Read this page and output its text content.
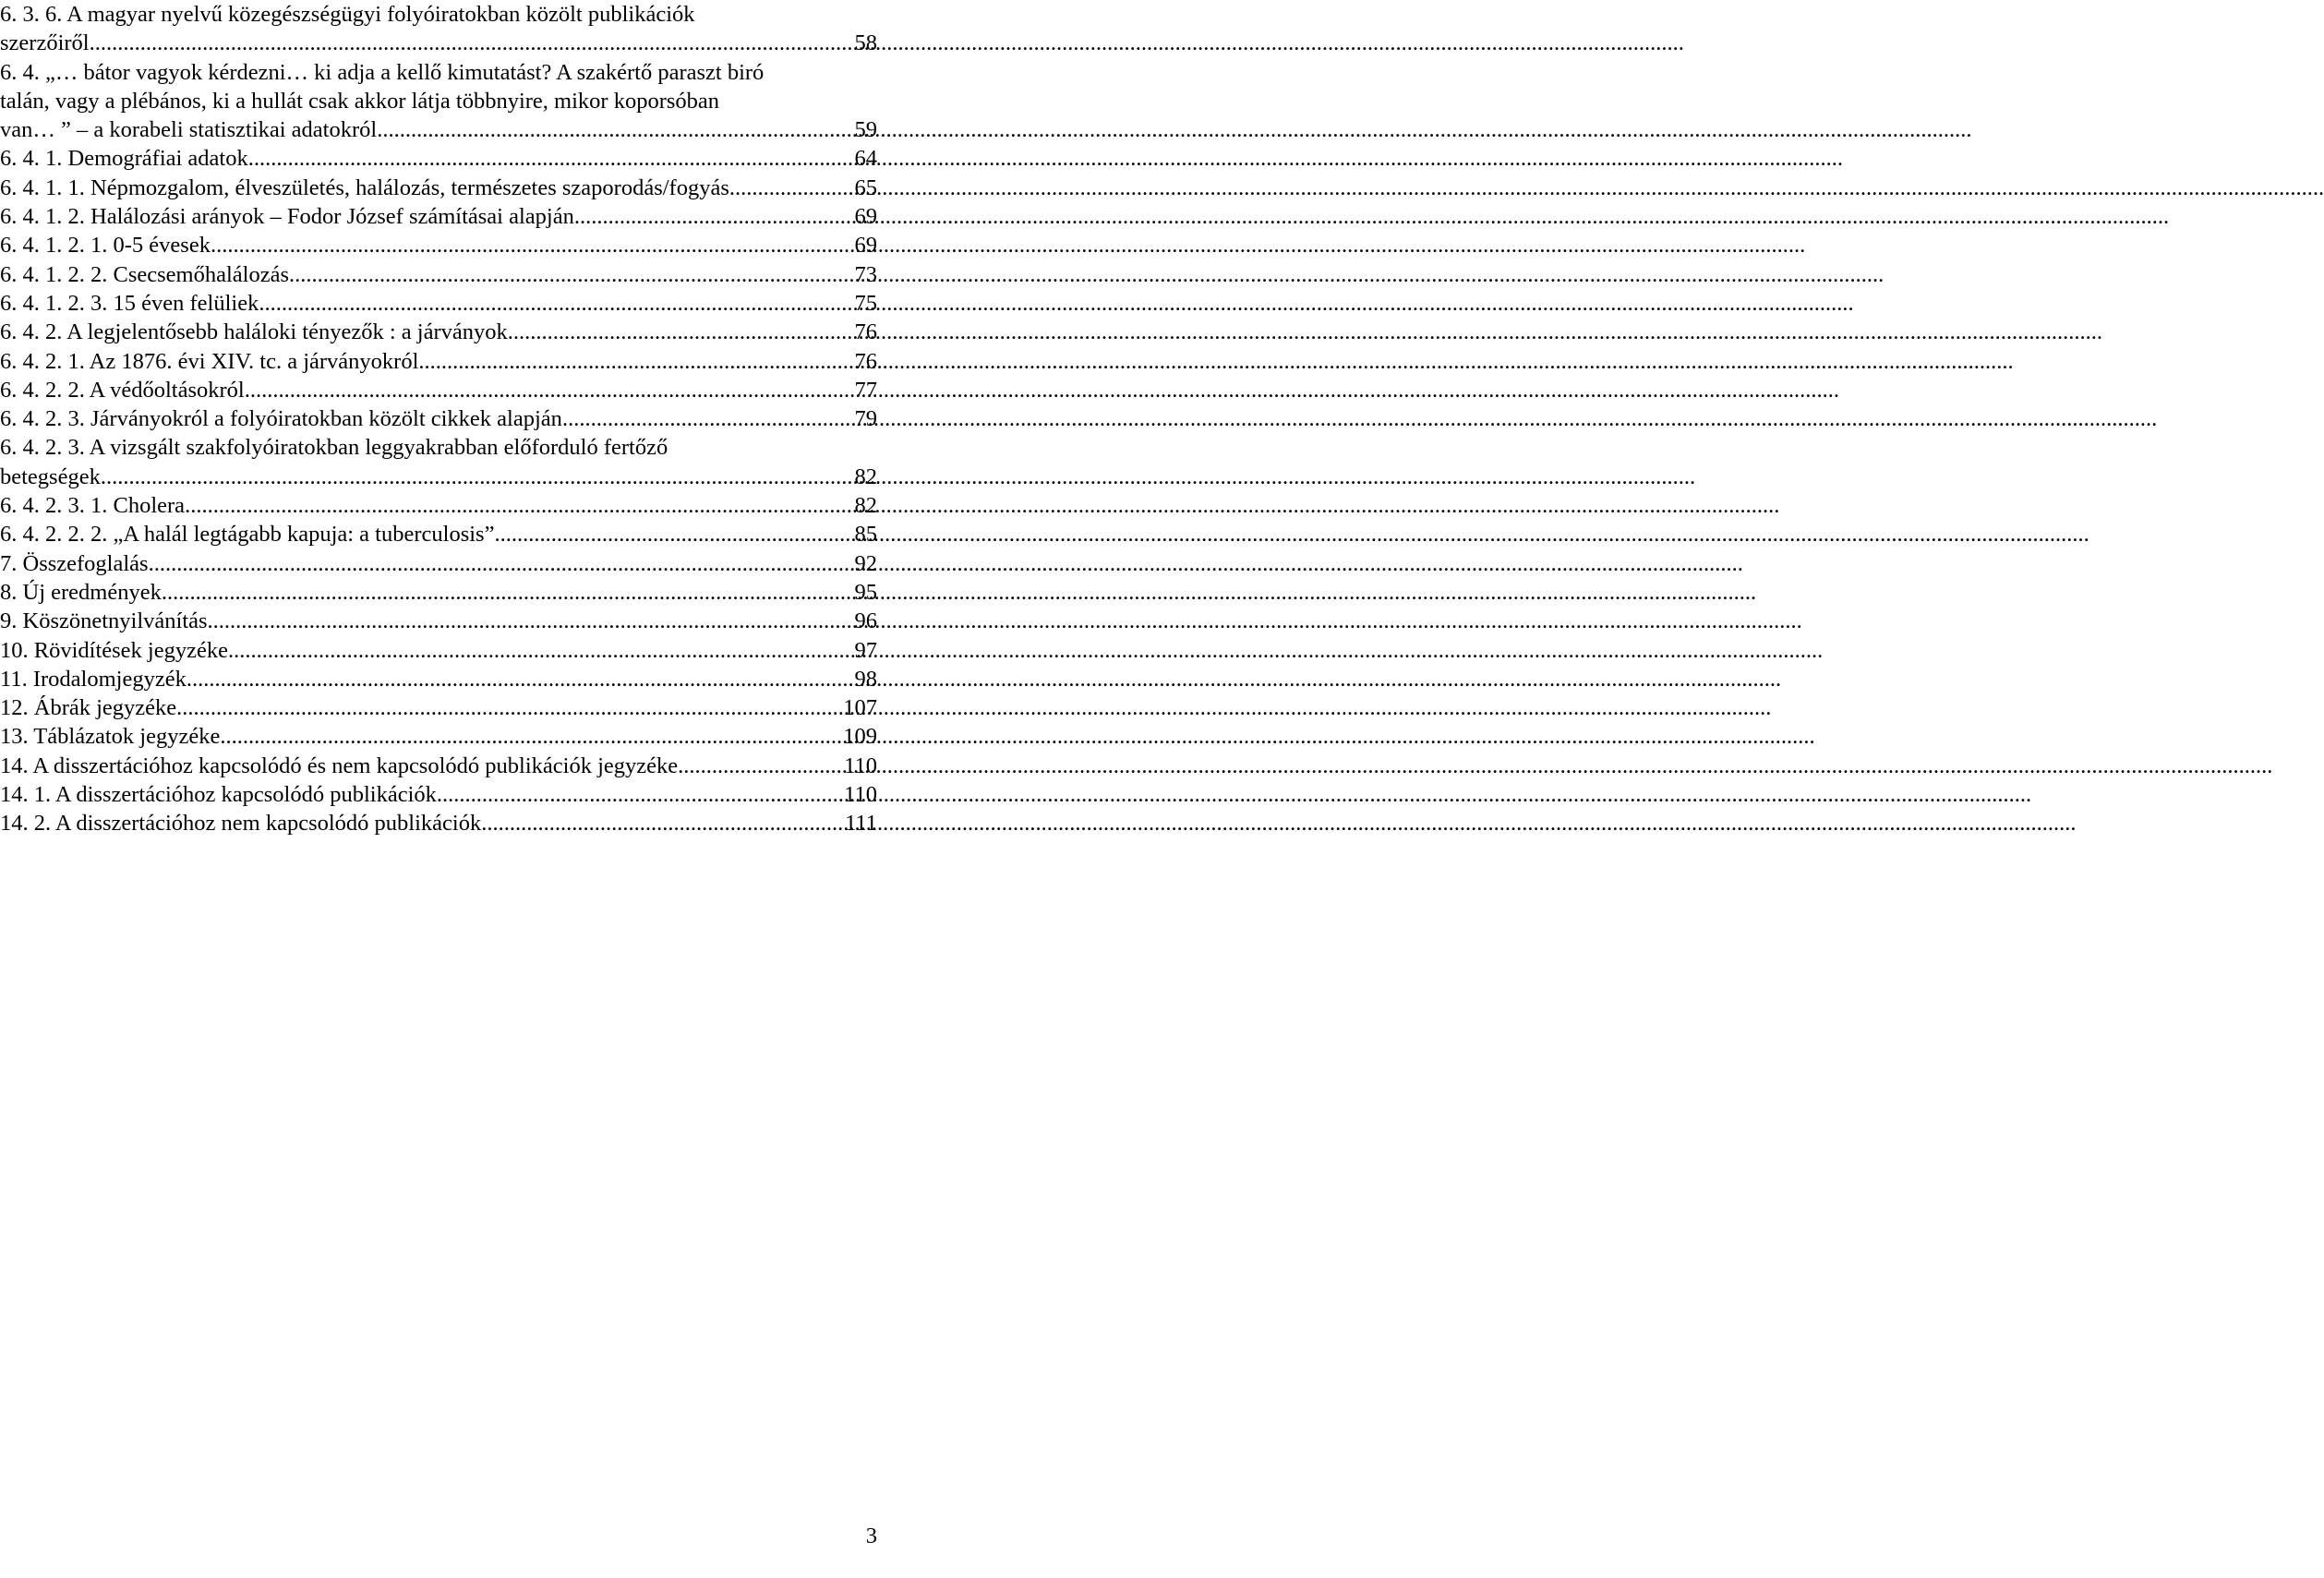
6. 3. 6. A magyar nyelvű közegészségügyi folyóiratokban közölt publikációk
szerzőiről .....	58
6. 4. „… bátor vagyok kérdezni… ki adja a kellő kimutatást? A szakértő paraszt biró
talán, vagy a plébános, ki a hullát csak akkor látja többnyire, mikor koporsóban
van… ” – a korabeli statisztikai adatokról .....	59
6. 4. 1. Demográfiai adatok .....	64
6. 4. 1. 1. Népmozgalom, élveszületés, halálozás, természetes szaporodás/fogyás .....	65
6. 4. 1. 2. Halálozási arányok – Fodor József számításai alapján .....	69
6. 4. 1. 2. 1. 0-5 évesek .....	69
6. 4. 1. 2. 2. Csecsemőhalálozás .....	73
6. 4. 1. 2. 3. 15 éven felüliek .....	75
6. 4. 2. A legjelentősebb haláloki tényezők : a járványok .....	76
6. 4. 2. 1. Az 1876. évi XIV. tc. a járványokról .....	76
6. 4. 2. 2. A védőoltásokról .....	77
6. 4. 2. 3. Járványokról a folyóiratokban közölt cikkek alapján .....	79
6. 4. 2. 3. A vizsgált szakfolyóiratokban leggyakrabban előforduló fertőző
betegségek .....	82
6. 4. 2. 3. 1. Cholera .....	82
6. 4. 2. 2. 2. „A halál legtágabb kapuja: a tuberculosis” .....	85
7. Összefoglalás .....	92
8. Új eredmények .....	95
9. Köszönetnyilvánítás .....	96
10. Rövidítések jegyzéke .....	97
11. Irodalomjegyzék .....	98
12. Ábrák jegyzéke .....	107
13. Táblázatok jegyzéke .....	109
14. A disszertációhoz kapcsolódó és nem kapcsolódó publikációk jegyzéke .....	110
14. 1. A disszertációhoz kapcsolódó publikációk .....	110
14. 2. A disszertációhoz nem kapcsolódó publikációk .....	111
3
